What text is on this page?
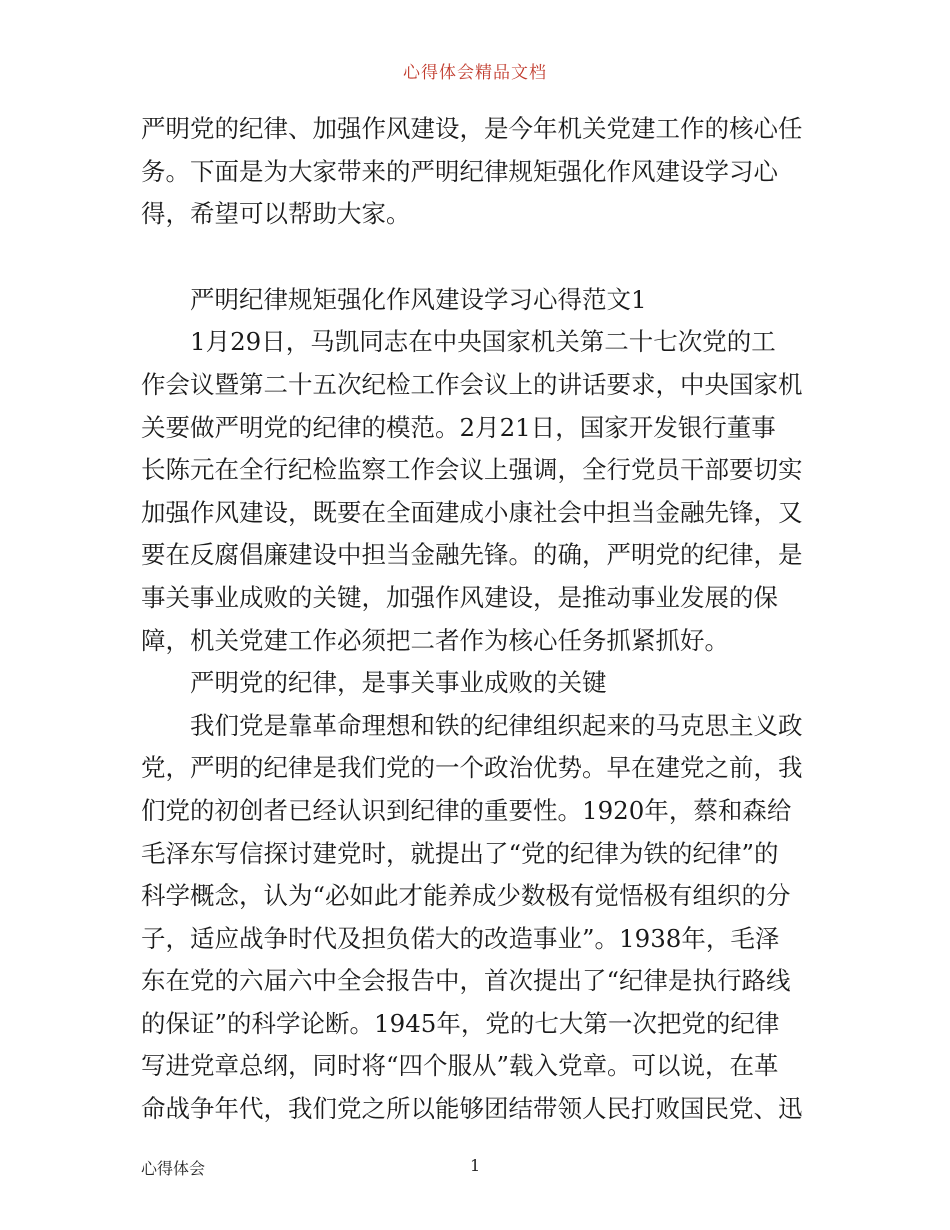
心得体会精品文档
严明党的纪律、加强作风建设，是今年机关党建工作的核心任
务。下面是为大家带来的严明纪律规矩强化作风建设学习心
得，希望可以帮助大家。
严明纪律规矩强化作风建设学习心得范文1
1月29日，马凯同志在中央国家机关第二十七次党的工
作会议暨第二十五次纪检工作会议上的讲话要求，中央国家机
关要做严明党的纪律的模范。2月21日，国家开发银行董事
长陈元在全行纪检监察工作会议上强调，全行党员干部要切实
加强作风建设，既要在全面建成小康社会中担当金融先锋，又
要在反腐倡廉建设中担当金融先锋。的确，严明党的纪律，是
事关事业成败的关键，加强作风建设，是推动事业发展的保
障，机关党建工作必须把二者作为核心任务抓紧抓好。
严明党的纪律，是事关事业成败的关键
我们党是靠革命理想和铁的纪律组织起来的马克思主义政
党，严明的纪律是我们党的一个政治优势。早在建党之前，我
们党的初创者已经认识到纪律的重要性。1920年，蔡和森给
毛泽东写信探讨建党时，就提出了“党的纪律为铁的纪律”的
科学概念，认为“必如此才能养成少数极有觉悟极有组织的分
子，适应战争时代及担负偌大的改造事业”。1938年，毛泽
东在党的六届六中全会报告中，首次提出了“纪律是执行路线
的保证”的科学论断。1945年，党的七大第一次把党的纪律
写进党章总纲，同时将“四个服从”载入党章。可以说，在革
命战争年代，我们党之所以能够团结带领人民打败国民党、迅
心得体会	1
